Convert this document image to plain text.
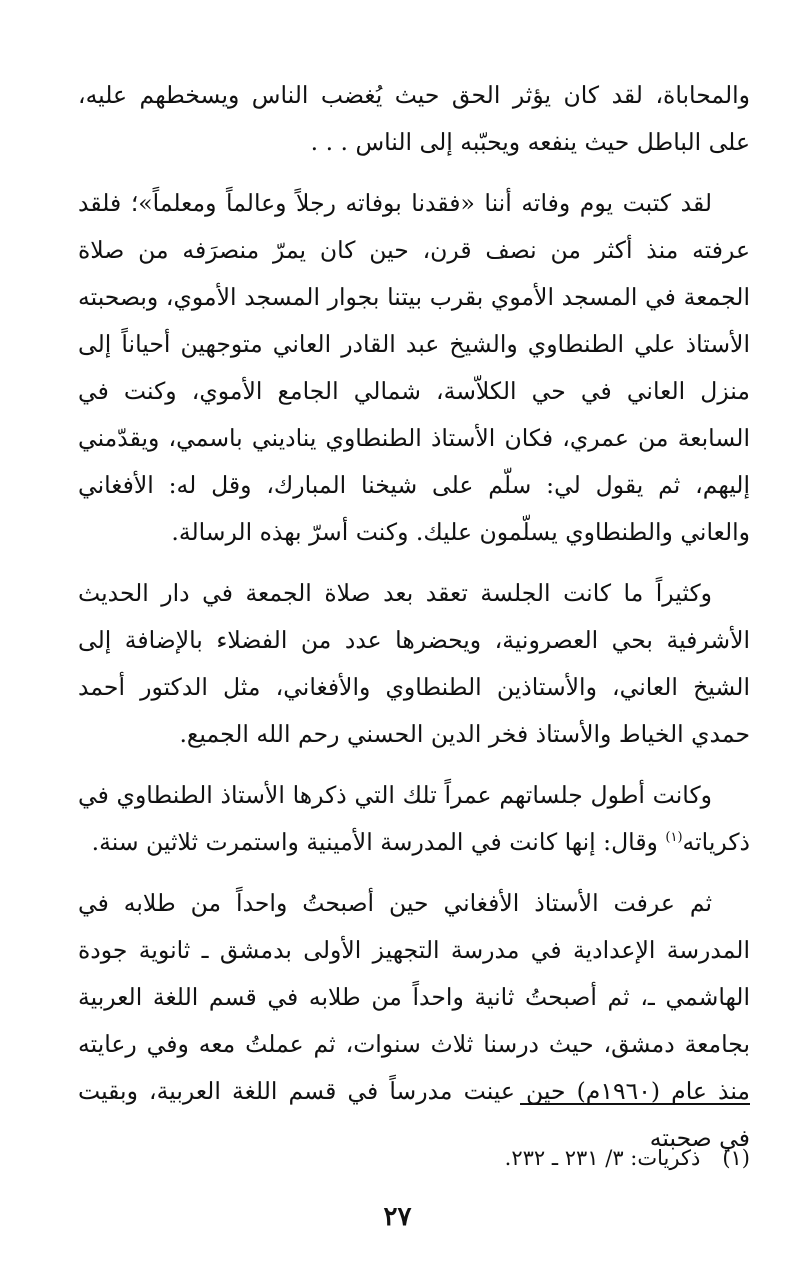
والمحاباة، لقد كان يؤثر الحق حيث يُغضب الناس ويسخطهم عليه، على الباطل حيث ينفعه ويحبّبه إلى الناس . . .

لقد كتبت يوم وفاته أننا «فقدنا بوفاته رجلاً وعالماً ومعلماً»؛ فلقد عرفته منذ أكثر من نصف قرن، حين كان يمرّ منصرَفه من صلاة الجمعة في المسجد الأموي بقرب بيتنا بجوار المسجد الأموي، وبصحبته الأستاذ علي الطنطاوي والشيخ عبد القادر العاني متوجهين أحياناً إلى منزل العاني في حي الكلاّسة، شمالي الجامع الأموي، وكنت في السابعة من عمري، فكان الأستاذ الطنطاوي يناديني باسمي، ويقدّمني إليهم، ثم يقول لي: سلّم على شيخنا المبارك، وقل له: الأفغاني والعاني والطنطاوي يسلّمون عليك. وكنت أسرّ بهذه الرسالة.

وكثيراً ما كانت الجلسة تعقد بعد صلاة الجمعة في دار الحديث الأشرفية بحي العصرونية، ويحضرها عدد من الفضلاء بالإضافة إلى الشيخ العاني، والأستاذين الطنطاوي والأفغاني، مثل الدكتور أحمد حمدي الخياط والأستاذ فخر الدين الحسني رحم الله الجميع.

وكانت أطول جلساتهم عمراً تلك التي ذكرها الأستاذ الطنطاوي في ذكرياته$^{(١)}$ وقال: إنها كانت في المدرسة الأمينية واستمرت ثلاثين سنة.

ثم عرفت الأستاذ الأفغاني حين أصبحتُ واحداً من طلابه في المدرسة الإعدادية في مدرسة التجهيز الأولى بدمشق ـ ثانوية جودة الهاشمي ـ، ثم أصبحتُ ثانية واحداً من طلابه في قسم اللغة العربية بجامعة دمشق، حيث درسنا ثلاث سنوات، ثم عملتُ معه وفي رعايته منذ عام (١٩٦٠م) حين عينت مدرساً في قسم اللغة العربية، وبقيت في صحبته

(١)ذكريات: ٣/ ٢٣١ ـ ٢٣٢.
٢٧
